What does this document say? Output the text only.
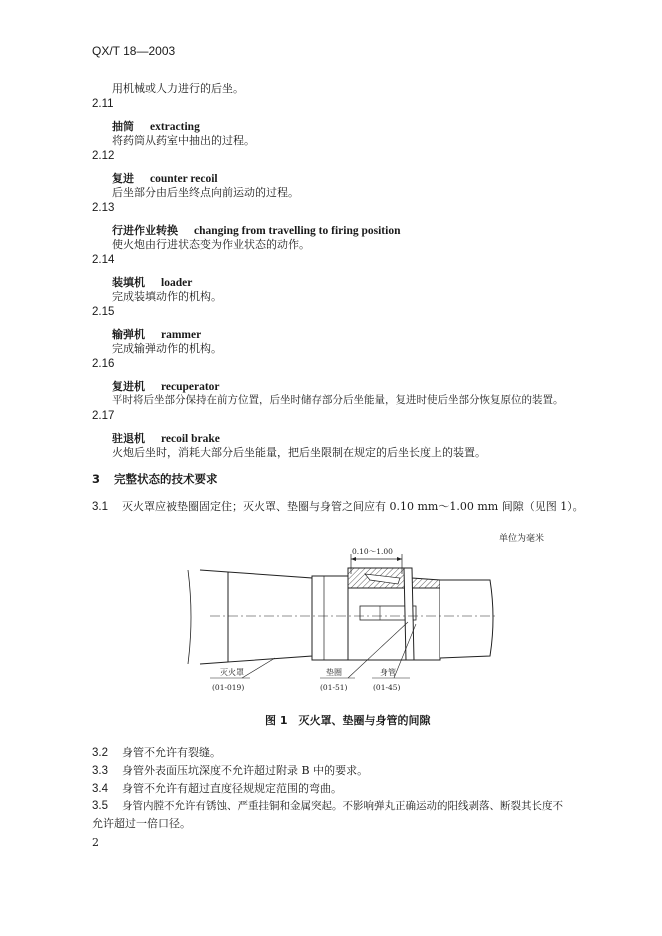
QX/T 18—2003
用机械或人力进行的后坐。
2.11
抽筒 extracting
将药筒从药室中抽出的过程。
2.12
复进 counter recoil
后坐部分由后坐终点向前运动的过程。
2.13
行进作业转换 changing from travelling to firing position
使火炮由行进状态变为作业状态的动作。
2.14
装填机 loader
完成装填动作的机构。
2.15
输弹机 rammer
完成输弹动作的机构。
2.16
复进机 recuperator
平时将后坐部分保持在前方位置，后坐时储存部分后坐能量，复进时使后坐部分恢复原位的装置。
2.17
驻退机 recoil brake
火炮后坐时，消耗大部分后坐能量，把后坐限制在规定的后坐长度上的装置。
3 完整状态的技术要求
3.1 灭火罩应被垫圈固定住；灭火罩、垫圈与身管之间应有 0.10 mm～1.00 mm 间隙（见图 1）。
单位为毫米
0.10～1.00
灭火罩
(01-019)
垫圈
(01-51)
身管
(01-45)
图 1　灭火罩、垫圈与身管的间隙
3.2 身管不允许有裂缝。
3.3 身管外表面压坑深度不允许超过附录 B 中的要求。
3.4 身管不允许有超过直度径规规定范围的弯曲。
3.5 身管内膛不允许有锈蚀、严重挂铜和金属突起。不影响弹丸正确运动的阳线剥落、断裂其长度不
允许超过一倍口径。
2
